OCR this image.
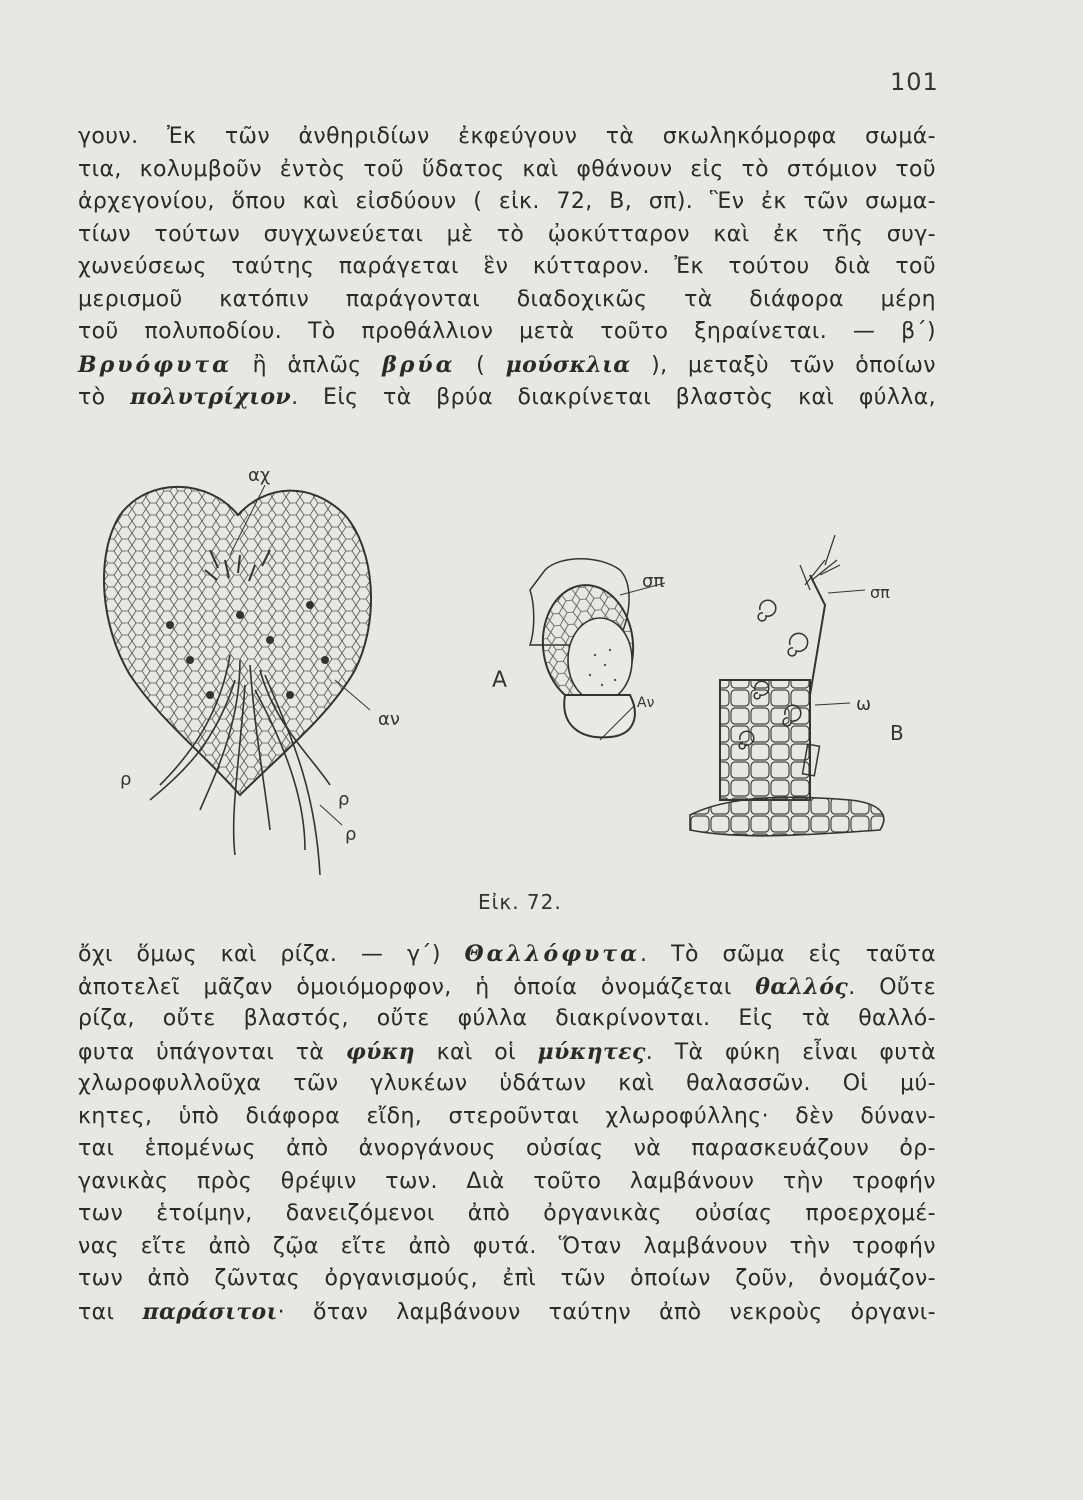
101
γουν. Ἐκ τῶν ἀνθηριδίων ἐκφεύγουν τὰ σκωληκόμορφα σωμά-
τια, κολυμβοῦν ἐντὸς τοῦ ὕδατος καὶ φθάνουν εἰς τὸ στόμιον τοῦ
ἀρχεγονίου, ὅπου καὶ εἰσδύουν ( εἰκ. 72, Β, σπ). Ἓν ἐκ τῶν σωμα-
τίων τούτων συγχωνεύεται μὲ τὸ ᾠοκύτταρον καὶ ἐκ τῆς συγ-
χωνεύσεως ταύτης παράγεται ἓν κύτταρον. Ἐκ τούτου διὰ τοῦ
μερισμοῦ κατόπιν παράγονται διαδοχικῶς τὰ διάφορα μέρη
τοῦ πολυποδίου. Τὸ προθάλλιον μετὰ τοῦτο ξηραίνεται. — β΄)
Βρυόφυτα ἢ ἁπλῶς βρύα ( μούσκλια ), μεταξὺ τῶν ὁποίων
τὸ πολυτρίχιον. Εἰς τὰ βρύα διακρίνεται βλαστὸς καὶ φύλλα,
αχ
αν
ρ
ρ
ρ
σπ
Α
Αν
σπ
ω
Β
Εἰκ. 72.
ὄχι ὅμως καὶ ρίζα. — γ΄) Θαλλόφυτα. Τὸ σῶμα εἰς ταῦτα
ἀποτελεῖ μᾶζαν ὁμοιόμορφον, ἡ ὁποία ὀνομάζεται θαλλός. Οὔτε
ρίζα, οὔτε βλαστός, οὔτε φύλλα διακρίνονται. Εἰς τὰ θαλλό-
φυτα ὑπάγονται τὰ φύκη καὶ οἱ μύκητες. Τὰ φύκη εἶναι φυτὰ
χλωροφυλλοῦχα τῶν γλυκέων ὑδάτων καὶ θαλασσῶν. Οἱ μύ-
κητες, ὑπὸ διάφορα εἴδη, στεροῦνται χλωροφύλλης· δὲν δύναν-
ται ἑπομένως ἀπὸ ἀνοργάνους οὐσίας νὰ παρασκευάζουν ὀρ-
γανικὰς πρὸς θρέψιν των. Διὰ τοῦτο λαμβάνουν τὴν τροφήν
των ἑτοίμην, δανειζόμενοι ἀπὸ ὀργανικὰς οὐσίας προερχομέ-
νας εἴτε ἀπὸ ζῷα εἴτε ἀπὸ φυτά. Ὅταν λαμβάνουν τὴν τροφήν
των ἀπὸ ζῶντας ὀργανισμούς, ἐπὶ τῶν ὁποίων ζοῦν, ὀνομάζον-
ται παράσιτοι· ὅταν λαμβάνουν ταύτην ἀπὸ νεκροὺς ὀργανι-
